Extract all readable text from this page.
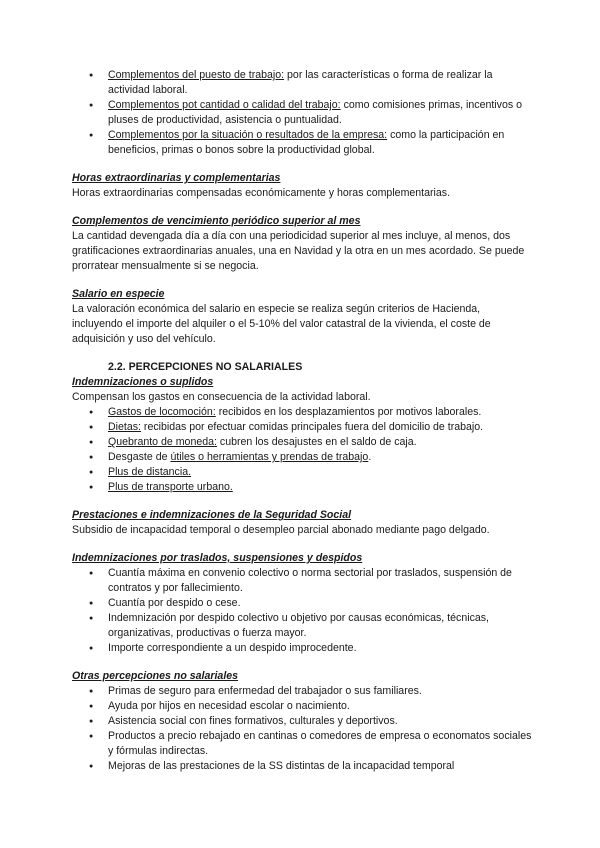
● Complementos del puesto de trabajo: por las características o forma de realizar la actividad laboral.
● Complementos pot cantidad o calidad del trabajo: como comisiones primas, incentivos o pluses de productividad, asistencia o puntualidad.
● Complementos por la situación o resultados de la empresa: como la participación en beneficios, primas o bonos sobre la productividad global.
Horas extraordinarias y complementarias

Horas extraordinarias compensadas económicamente y horas complementarias.

Complementos de vencimiento periódico superior al mes

La cantidad devengada día a día con una periodicidad superior al mes incluye, al menos, dos gratificaciones extraordinarias anuales, una en Navidad y la otra en un mes acordado. Se puede prorratear mensualmente si se negocia.

Salario en especie

La valoración económica del salario en especie se realiza según criterios de Hacienda, incluyendo el importe del alquiler o el 5-10% del valor catastral de la vivienda, el coste de adquisición y uso del vehículo.

2.2. PERCEPCIONES NO SALARIALES
Indemnizaciones o suplidos

Compensan los gastos en consecuencia de la actividad laboral.

● Gastos de locomoción: recibidos en los desplazamientos por motivos laborales.
● Dietas: recibidas por efectuar comidas principales fuera del domicilio de trabajo.
● Quebranto de moneda: cubren los desajustes en el saldo de caja.
● Desgaste de útiles o herramientas y prendas de trabajo.
● Plus de distancia.
● Plus de transporte urbano.
Prestaciones e indemnizaciones de la Seguridad Social

Subsidio de incapacidad temporal o desempleo parcial abonado mediante pago delgado.

Indemnizaciones por traslados, suspensiones y despidos
● Cuantía máxima en convenio colectivo o norma sectorial por traslados, suspensión de contratos y por fallecimiento.
● Cuantía por despido o cese.
● Indemnización por despido colectivo u objetivo por causas económicas, técnicas, organizativas, productivas o fuerza mayor.
● Importe correspondiente a un despido improcedente.
Otras percepciones no salariales
● Primas de seguro para enfermedad del trabajador o sus familiares.
● Ayuda por hijos en necesidad escolar o nacimiento.
● Asistencia social con fines formativos, culturales y deportivos.
● Productos a precio rebajado en cantinas o comedores de empresa o economatos sociales y fórmulas indirectas.
● Mejoras de las prestaciones de la SS distintas de la incapacidad temporal
